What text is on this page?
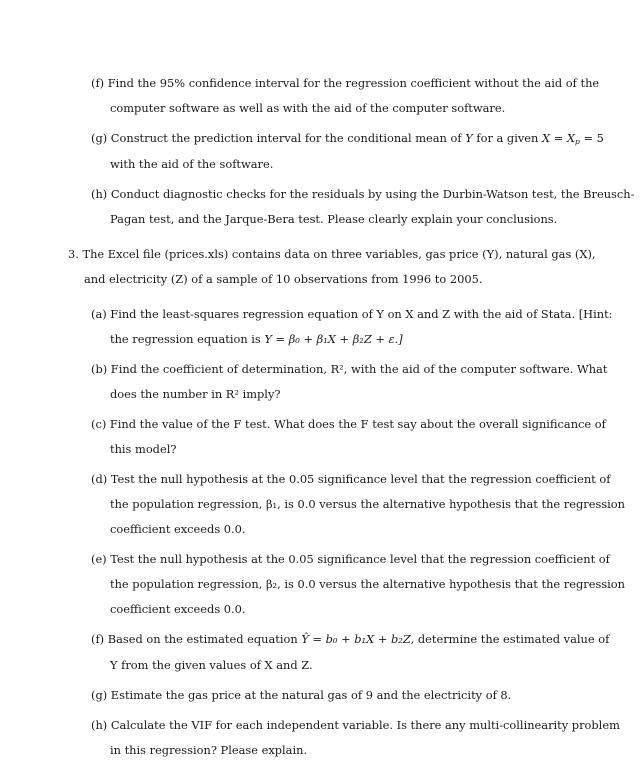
(f) Find the 95% confidence interval for the regression coefficient without the aid of the
computer software as well as with the aid of the computer software.
(g) Construct the prediction interval for the conditional mean of Y for a given $X = X_p = 5$
with the aid of the software.
(h) Conduct diagnostic checks for the residuals by using the Durbin-Watson test, the Breusch-
Pagan test, and the Jarque-Bera test. Please clearly explain your conclusions.
3. The Excel file (prices.xls) contains data on three variables, gas price (Y), natural gas (X),
and electricity (Z) of a sample of 10 observations from 1996 to 2005.
(a) Find the least-squares regression equation of Y on X and Z with the aid of Stata. [Hint:
the regression equation is Y = β₀ + β₁X + β₂Z + ε.]
(b) Find the coefficient of determination, R², with the aid of the computer software. What
does the number in R² imply?
(c) Find the value of the F test. What does the F test say about the overall significance of
this model?
(d) Test the null hypothesis at the 0.05 significance level that the regression coefficient of
the population regression, β₁, is 0.0 versus the alternative hypothesis that the regression
coefficient exceeds 0.0.
(e) Test the null hypothesis at the 0.05 significance level that the regression coefficient of
the population regression, β₂, is 0.0 versus the alternative hypothesis that the regression
coefficient exceeds 0.0.
(f) Based on the estimated equation Ŷ = b₀ + b₁X + b₂Z, determine the estimated value of
Y from the given values of X and Z.
(g) Estimate the gas price at the natural gas of 9 and the electricity of 8.
(h) Calculate the VIF for each independent variable. Is there any multi-collinearity problem
in this regression? Please explain.
